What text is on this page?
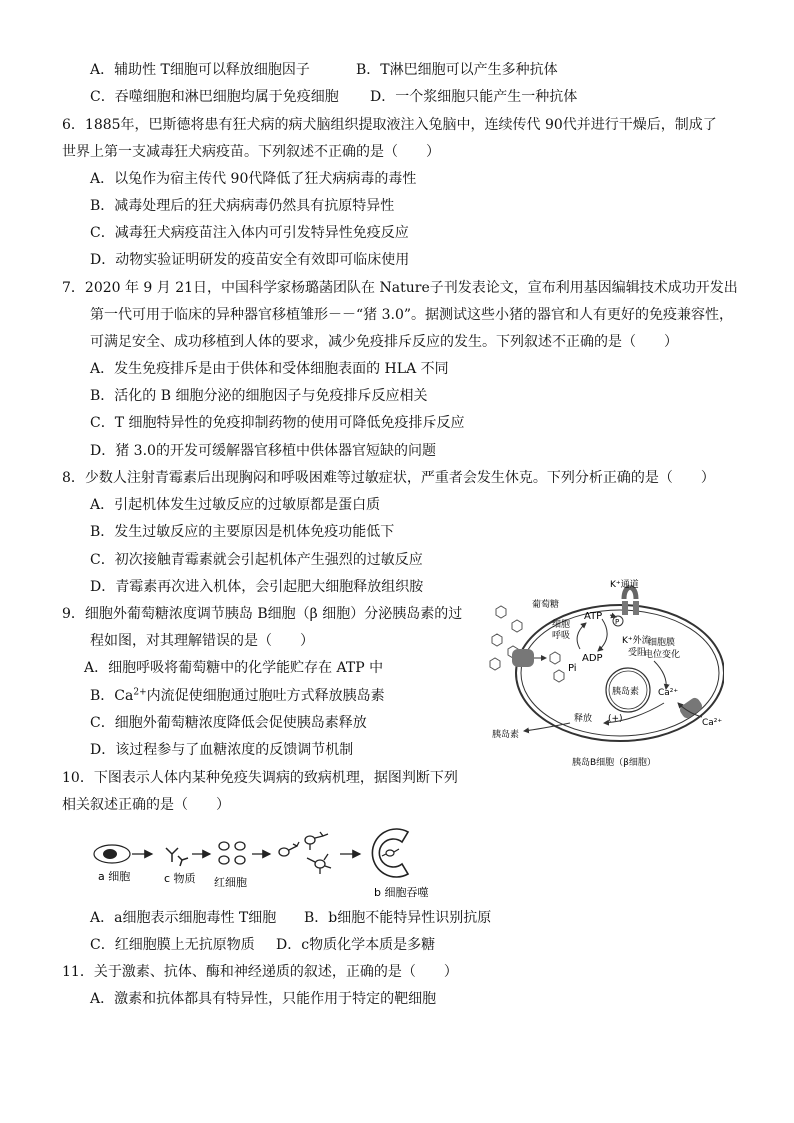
A．辅助性 T细胞可以释放细胞因子	B．T淋巴细胞可以产生多种抗体
C．吞噬细胞和淋巴细胞均属于免疫细胞 D．一个浆细胞只能产生一种抗体
6．1885年，巴斯德将患有狂犬病的病犬脑组织提取液注入兔脑中，连续传代 90代并进行干燥后，制成了
世界上第一支减毒狂犬病疫苗。下列叙述不正确的是（　　）
A．以兔作为宿主传代 90代降低了狂犬病病毒的毒性
B．减毒处理后的狂犬病病毒仍然具有抗原特异性
C．减毒狂犬病疫苗注入体内可引发特异性免疫反应
D．动物实验证明研发的疫苗安全有效即可临床使用
7．2020 年 9 月 21日，中国科学家杨璐菡团队在 Nature子刊发表论文，宣布利用基因编辑技术成功开发出
第一代可用于临床的异种器官移植雏形－－“猪 3.0”。据测试这些小猪的器官和人有更好的免疫兼容性，
可满足安全、成功移植到人体的要求，减少免疫排斥反应的发生。下列叙述不正确的是（　　）
A．发生免疫排斥是由于供体和受体细胞表面的 HLA 不同
B．活化的 B 细胞分泌的细胞因子与免疫排斥反应相关
C．T 细胞特异性的免疫抑制药物的使用可降低免疫排斥反应
D．猪 3.0的开发可缓解器官移植中供体器官短缺的问题
8．少数人注射青霉素后出现胸闷和呼吸困难等过敏症状，严重者会发生休克。下列分析正确的是（　　）
A．引起机体发生过敏反应的过敏原都是蛋白质
B．发生过敏反应的主要原因是机体免疫功能低下
C．初次接触青霉素就会引起机体产生强烈的过敏反应
D．青霉素再次进入机体，会引起肥大细胞释放组织胺
9．细胞外葡萄糖浓度调节胰岛 B细胞（β 细胞）分泌胰岛素的过
程如图，对其理解错误的是（　　）
A．细胞呼吸将葡萄糖中的化学能贮存在 ATP 中
B．$Ca^{2+}$内流促使细胞通过胞吐方式释放胰岛素
C．细胞外葡萄糖浓度降低会促使胰岛素释放
D．该过程参与了血糖浓度的反馈调节机制
K⁺通道
P
K⁺外流
受阻
葡萄糖
细胞
呼吸
ATP
ADP
Pi
细胞膜
电位变化
胰岛素 Ca²⁺
Ca²⁺
释放 (+)
胰岛素
胰岛B细胞（β细胞）
10．下图表示人体内某种免疫失调病的致病机理，据图判断下列
相关叙述正确的是（　　）
a 细胞	c 物质 红细胞
b 细胞吞噬
A．a细胞表示细胞毒性 T细胞 B．b细胞不能特异性识别抗原
C．红细胞膜上无抗原物质 D．c物质化学本质是多糖
11．关于激素、抗体、酶和神经递质的叙述，正确的是（　　）
A．激素和抗体都具有特异性，只能作用于特定的靶细胞
